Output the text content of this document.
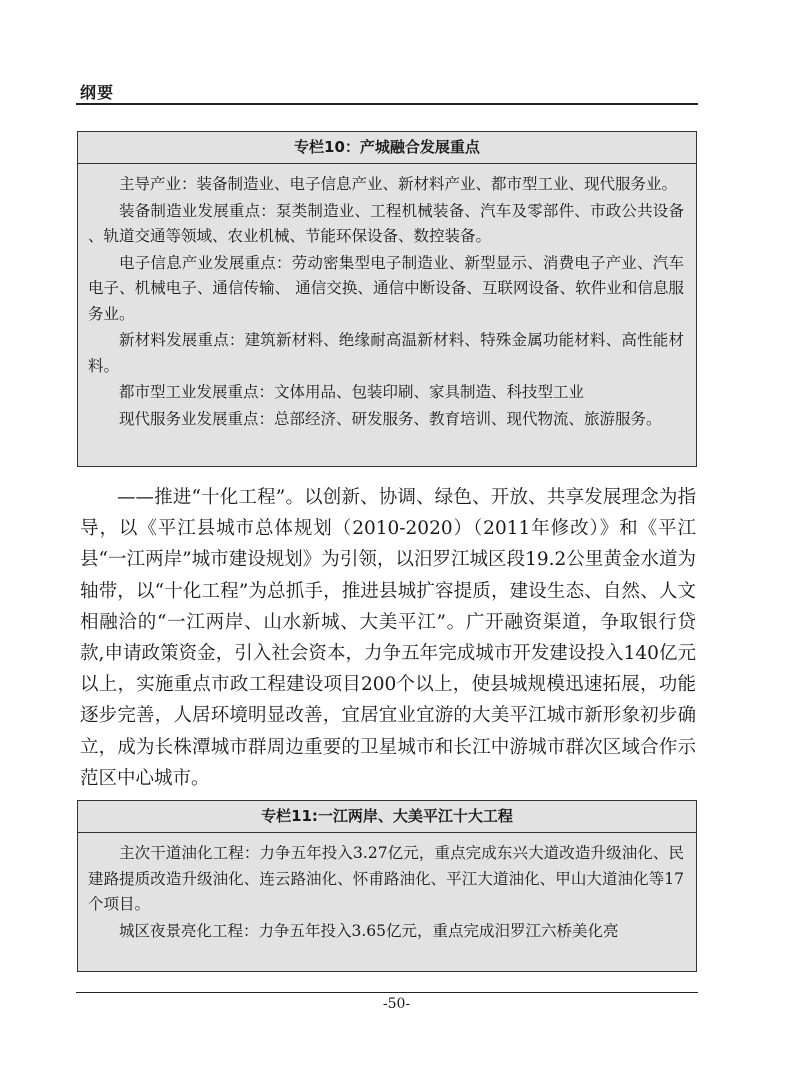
纲要
专栏10：产城融合发展重点

主导产业：装备制造业、电子信息产业、新材料产业、都市型工业、现代服务业。

装备制造业发展重点：泵类制造业、工程机械装备、汽车及零部件、市政公共设备 、轨道交通等领域、农业机械、节能环保设备、数控装备。

电子信息产业发展重点：劳动密集型电子制造业、新型显示、消费电子产业、汽车电子、机械电子、通信传输、 通信交换、通信中断设备、互联网设备、软件业和信息服务业。

新材料发展重点：建筑新材料、绝缘耐高温新材料、特殊金属功能材料、高性能材料。

都市型工业发展重点：文体用品、包装印刷、家具制造、科技型工业

现代服务业发展重点：总部经济、研发服务、教育培训、现代物流、旅游服务。

——推进“十化工程”。以创新、协调、绿色、开放、共享发展理念为指导，以《平江县城市总体规划（2010-2020）（2011年修改）》和《平江县“一江两岸”城市建设规划》为引领，以汨罗江城区段19.2公里黄金水道为轴带，以“十化工程”为总抓手，推进县城扩容提质，建设生态、自然、人文相融洽的“一江两岸、山水新城、大美平江”。广开融资渠道，争取银行贷款,申请政策资金，引入社会资本，力争五年完成城市开发建设投入140亿元以上，实施重点市政工程建设项目200个以上，使县城规模迅速拓展，功能逐步完善，人居环境明显改善，宜居宜业宜游的大美平江城市新形象初步确立，成为长株潭城市群周边重要的卫星城市和长江中游城市群次区域合作示范区中心城市。

专栏11:一江两岸、大美平江十大工程

主次干道油化工程：力争五年投入3.27亿元，重点完成东兴大道改造升级油化、民建路提质改造升级油化、连云路油化、怀甫路油化、平江大道油化、甲山大道油化等17个项目。

城区夜景亮化工程：力争五年投入3.65亿元，重点完成汨罗江六桥美化亮

-50-
